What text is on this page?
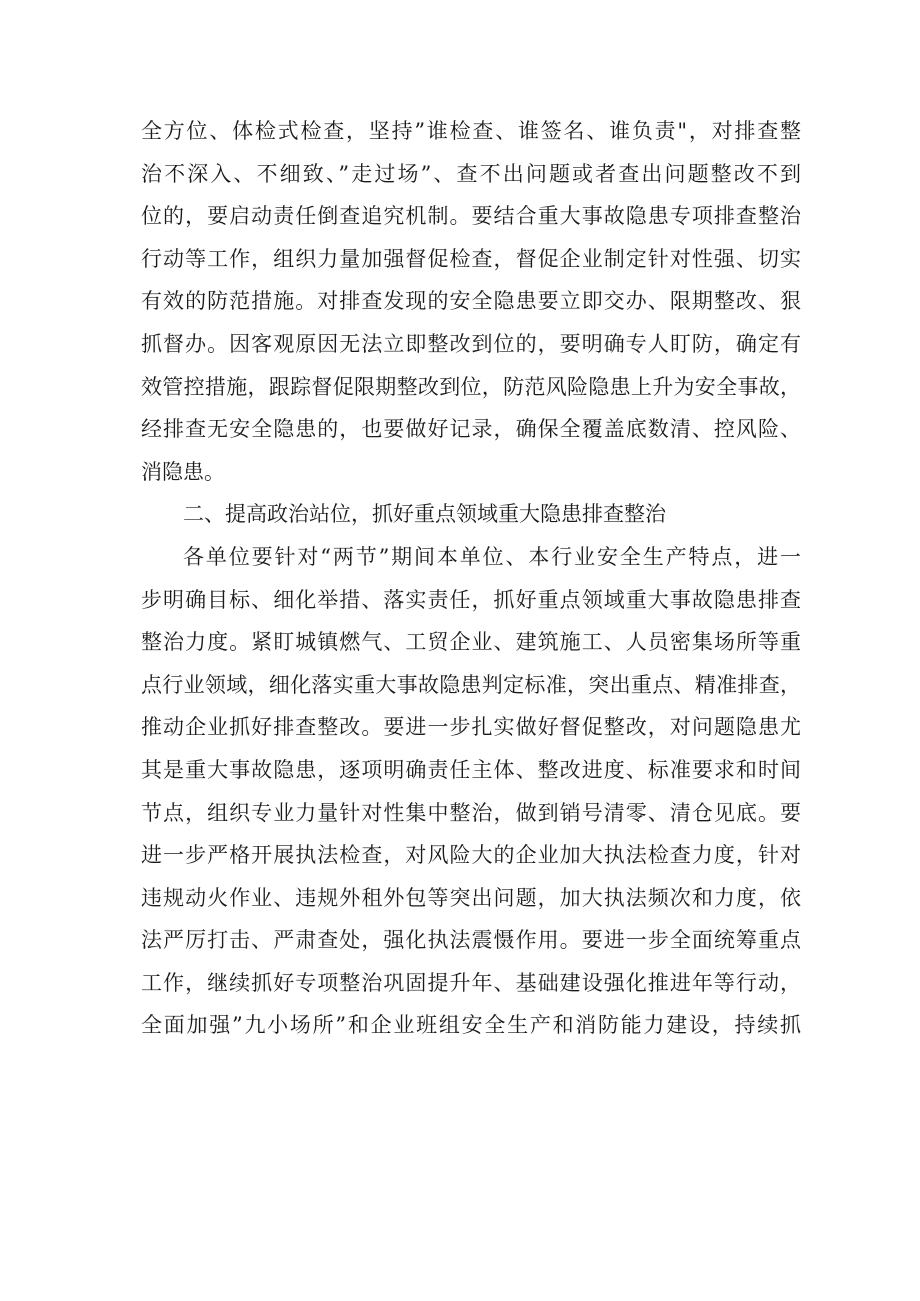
全方位、体检式检查，坚持”谁检查、谁签名、谁负责"，对排查整
治不深入、不细致、”走过场”、查不出问题或者查出问题整改不到
位的，要启动责任倒查追究机制。要结合重大事故隐患专项排查整治
行动等工作，组织力量加强督促检查，督促企业制定针对性强、切实
有效的防范措施。对排查发现的安全隐患要立即交办、限期整改、狠
抓督办。因客观原因无法立即整改到位的，要明确专人盯防，确定有
效管控措施，跟踪督促限期整改到位，防范风险隐患上升为安全事故，
经排查无安全隐患的，也要做好记录，确保全覆盖底数清、控风险、
消隐患。
二、提高政治站位，抓好重点领域重大隐患排查整治
各单位要针对“两节”期间本单位、本行业安全生产特点，进一
步明确目标、细化举措、落实责任，抓好重点领域重大事故隐患排查
整治力度。紧盯城镇燃气、工贸企业、建筑施工、人员密集场所等重
点行业领域，细化落实重大事故隐患判定标准，突出重点、精准排查，
推动企业抓好排查整改。要进一步扎实做好督促整改，对问题隐患尤
其是重大事故隐患，逐项明确责任主体、整改进度、标准要求和时间
节点，组织专业力量针对性集中整治，做到销号清零、清仓见底。要
进一步严格开展执法检查，对风险大的企业加大执法检查力度，针对
违规动火作业、违规外租外包等突出问题，加大执法频次和力度，依
法严厉打击、严肃查处，强化执法震慑作用。要进一步全面统筹重点
工作，继续抓好专项整治巩固提升年、基础建设强化推进年等行动，
全面加强”九小场所”和企业班组安全生产和消防能力建设，持续抓
